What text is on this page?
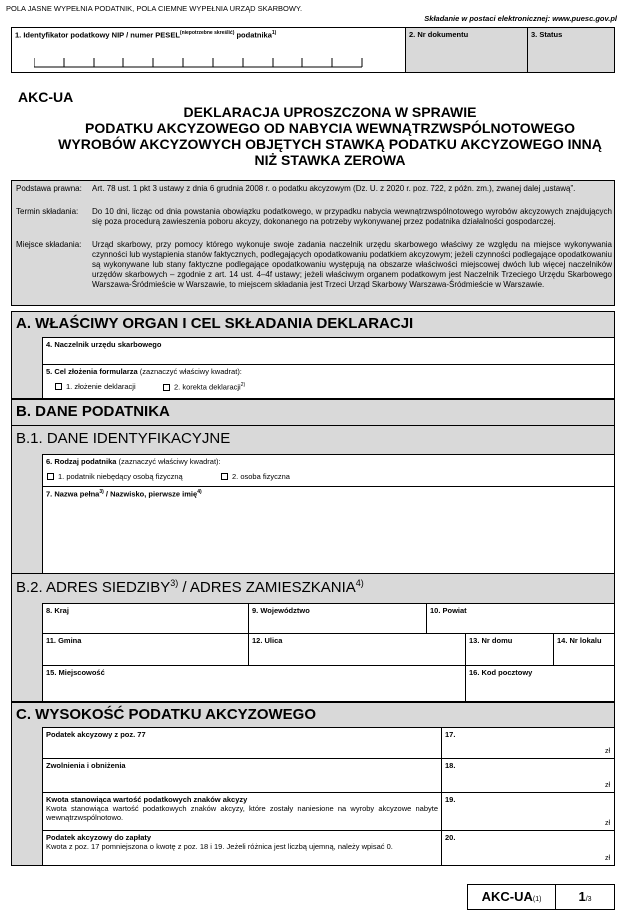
POLA JASNE WYPEŁNIA PODATNIK, POLA CIEMNE WYPEŁNIA URZĄD SKARBOWY.
Składanie w postaci elektronicznej: www.puesc.gov.pl
1. Identyfikator podatkowy NIP / numer $PESEL^{(niepotrzebne skreślić)}$ podatnika$^{1)}$	2. Nr dokumentu	3. Status
AKC-UA
DEKLARACJA UPROSZCZONA W SPRAWIE
PODATKU AKCYZOWEGO OD NABYCIA WEWNĄTRZWSPÓLNOTOWEGO
WYROBÓW AKCYZOWYCH OBJĘTYCH STAWKĄ PODATKU AKCYZOWEGO INNĄ
NIŻ STAWKA ZEROWA
Podstawa prawna: Art. 78 ust. 1 pkt 3 ustawy z dnia 6 grudnia 2008 r. o podatku akcyzowym (Dz. U. z 2020 r. poz. 722, z późn. zm.), zwanej dalej „ustawą”.
Termin składania: Do 10 dni, licząc od dnia powstania obowiązku podatkowego, w przypadku nabycia wewnątrzwspólnotowego wyrobów akcyzowych znajdujących się poza procedurą zawieszenia poboru akcyzy, dokonanego na potrzeby wykonywanej przez podatnika działalności gospodarczej.
Miejsce składania: Urząd skarbowy, przy pomocy którego wykonuje swoje zadania naczelnik urzędu skarbowego właściwy ze względu na miejsce wykonywania czynności lub wystąpienia stanów faktycznych, podlegających opodatkowaniu podatkiem akcyzowym; jeżeli czynności podlegające opodatkowaniu są wykonywane lub stany faktyczne podlegające opodatkowaniu występują na obszarze właściwości miejscowej dwóch lub więcej naczelników urzędów skarbowych – zgodnie z art. 14 ust. 4–4f ustawy; jeżeli właściwym organem podatkowym jest Naczelnik Trzeciego Urzędu Skarbowego Warszawa-Śródmieście w Warszawie, to miejscem składania jest Trzeci Urząd Skarbowy Warszawa-Śródmieście w Warszawie.
A. WŁAŚCIWY ORGAN I CEL SKŁADANIA DEKLARACJI
4. Naczelnik urzędu skarbowego
5. Cel złożenia formularza (zaznaczyć właściwy kwadrat):
1. złożenie deklaracji	2. korekta deklaracji$^{2)}$
B. DANE PODATNIKA
B.1. DANE IDENTYFIKACYJNE
6. Rodzaj podatnika (zaznaczyć właściwy kwadrat):
1. podatnik niebędący osobą fizyczną	2. osoba fizyczna
7. Nazwa pełna$^{3)}$ / Nazwisko, pierwsze imię$^{4)}$
B.2. ADRES SIEDZIBY$^{3)}$ / ADRES ZAMIESZKANIA$^{4)}$
8. Kraj	9. Województwo	10. Powiat
11. Gmina	12. Ulica	13. Nr domu	14. Nr lokalu
15. Miejscowość	16. Kod pocztowy
C. WYSOKOŚĆ PODATKU AKCYZOWEGO
Podatek akcyzowy z poz. 77	17.
zł
Zwolnienia i obniżenia	18.
zł
Kwota stanowiąca wartość podatkowych znaków akcyzy
Kwota stanowiąca wartość podatkowych znaków akcyzy, które zostały naniesione na wyroby akcyzowe nabyte wewnątrzwspólnotowo.
19.
zł
Podatek akcyzowy do zapłaty
Kwota z poz. 17 pomniejszona o kwotę z poz. 18 i 19. Jeżeli różnica jest liczbą ujemną, należy wpisać 0.
20.
zł
AKC-UA(1)	1/3
